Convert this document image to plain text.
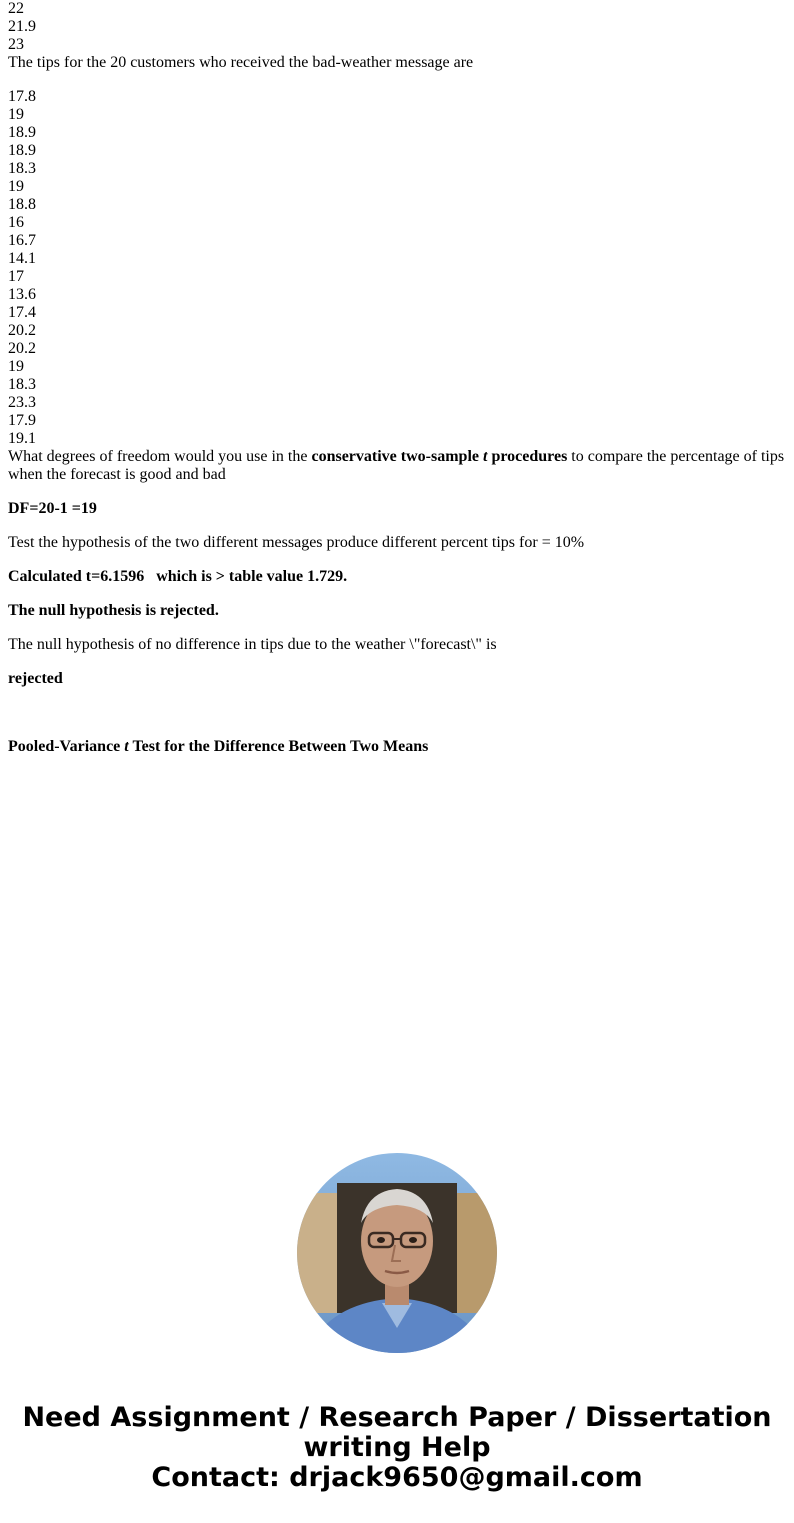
22

21.9

23

The tips for the 20 customers who received the bad-weather message are

17.8

19

18.9

18.9

18.3

19

18.8

16

16.7

14.1

17

13.6

17.4

20.2

20.2

19

18.3

23.3

17.9

19.1

What degrees of freedom would you use in the conservative two-sample t procedures to compare the percentage of tips when the forecast is good and bad

DF=20-1 =19

Test the hypothesis of the two different messages produce different percent tips for = 10%

Calculated t=6.1596   which is > table value 1.729.

The null hypothesis is rejected.

The null hypothesis of no difference in tips due to the weather \"forecast\" is

rejected

Pooled-Variance t Test for the Difference Between Two Means

Need Assignment / Research Paper / Dissertation
writing Help
Contact: drjack9650@gmail.com
